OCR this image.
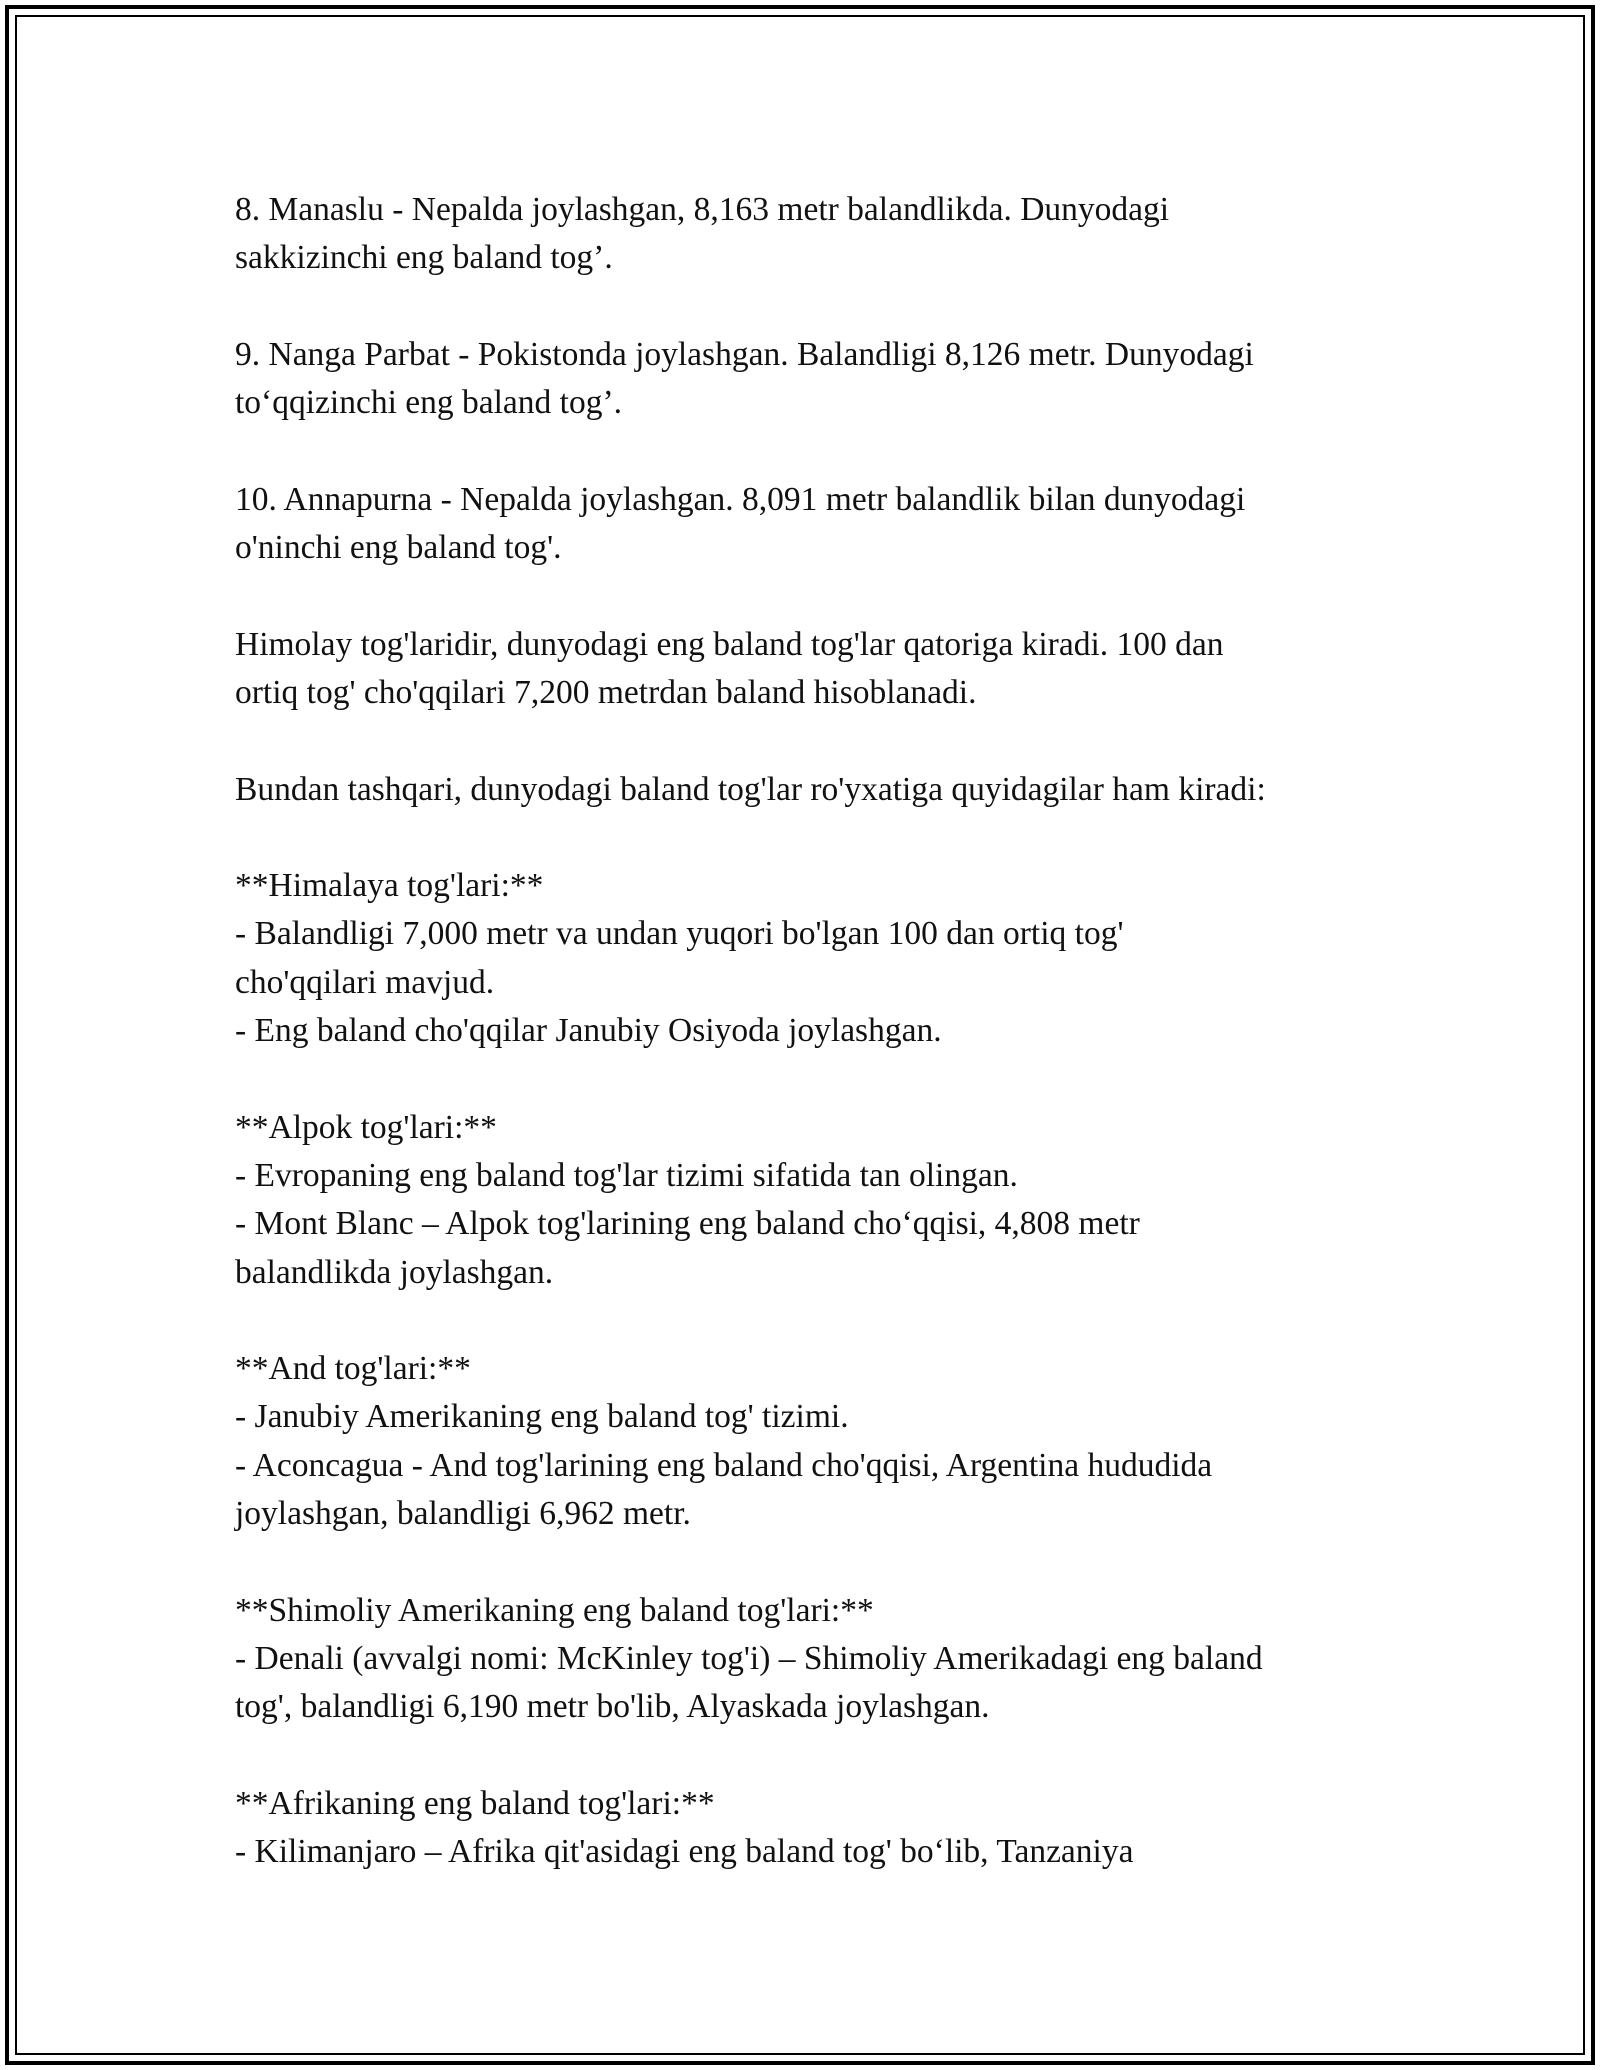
8. Manaslu - Nepalda joylashgan, 8,163 metr balandlikda. Dunyodagi
sakkizinchi eng baland tog’.

9. Nanga Parbat - Pokistonda joylashgan. Balandligi 8,126 metr. Dunyodagi
to‘qqizinchi eng baland tog’.

10. Annapurna - Nepalda joylashgan. 8,091 metr balandlik bilan dunyodagi
o'ninchi eng baland tog'.

Himolay tog'laridir, dunyodagi eng baland tog'lar qatoriga kiradi. 100 dan
ortiq tog' cho'qqilari 7,200 metrdan baland hisoblanadi.

Bundan tashqari, dunyodagi baland tog'lar ro'yxatiga quyidagilar ham kiradi:

**Himalaya tog'lari:**
- Balandligi 7,000 metr va undan yuqori bo'lgan 100 dan ortiq tog'
cho'qqilari mavjud.
- Eng baland cho'qqilar Janubiy Osiyoda joylashgan.

**Alpok tog'lari:**
- Evropaning eng baland tog'lar tizimi sifatida tan olingan.
- Mont Blanc – Alpok tog'larining eng baland cho‘qqisi, 4,808 metr
balandlikda joylashgan.

**And tog'lari:**
- Janubiy Amerikaning eng baland tog' tizimi.
- Aconcagua - And tog'larining eng baland cho'qqisi, Argentina hududida
joylashgan, balandligi 6,962 metr.

**Shimoliy Amerikaning eng baland tog'lari:**
- Denali (avvalgi nomi: McKinley tog'i) – Shimoliy Amerikadagi eng baland
tog', balandligi 6,190 metr bo'lib, Alyaskada joylashgan.

**Afrikaning eng baland tog'lari:**
- Kilimanjaro – Afrika qit'asidagi eng baland tog' bo‘lib, Tanzaniya
